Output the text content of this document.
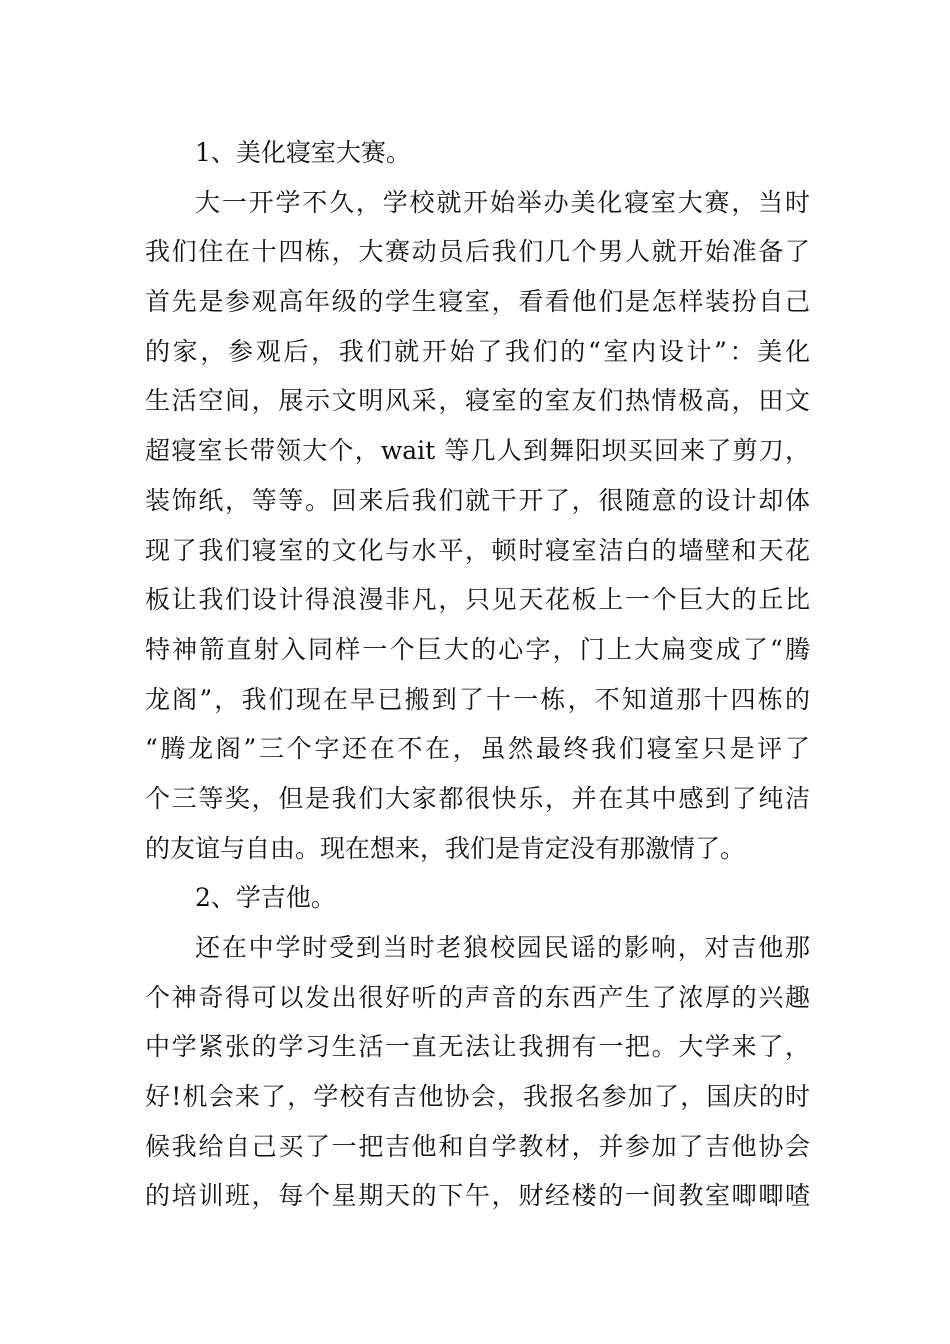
1、美化寝室大赛。
大一开学不久，学校就开始举办美化寝室大赛，当时
我们住在十四栋，大赛动员后我们几个男人就开始准备了
首先是参观高年级的学生寝室，看看他们是怎样装扮自己
的家，参观后，我们就开始了我们的“室内设计”：美化
生活空间，展示文明风采，寝室的室友们热情极高，田文
超寝室长带领大个，wait 等几人到舞阳坝买回来了剪刀，
装饰纸，等等。回来后我们就干开了，很随意的设计却体
现了我们寝室的文化与水平，顿时寝室洁白的墙壁和天花
板让我们设计得浪漫非凡，只见天花板上一个巨大的丘比
特神箭直射入同样一个巨大的心字，门上大扁变成了“腾
龙阁”，我们现在早已搬到了十一栋，不知道那十四栋的
“腾龙阁”三个字还在不在，虽然最终我们寝室只是评了
个三等奖，但是我们大家都很快乐，并在其中感到了纯洁
的友谊与自由。现在想来，我们是肯定没有那激情了。
2、学吉他。
还在中学时受到当时老狼校园民谣的影响，对吉他那
个神奇得可以发出很好听的声音的东西产生了浓厚的兴趣
中学紧张的学习生活一直无法让我拥有一把。大学来了，
好!机会来了，学校有吉他协会，我报名参加了，国庆的时
候我给自己买了一把吉他和自学教材，并参加了吉他协会
的培训班，每个星期天的下午，财经楼的一间教室唧唧喳
